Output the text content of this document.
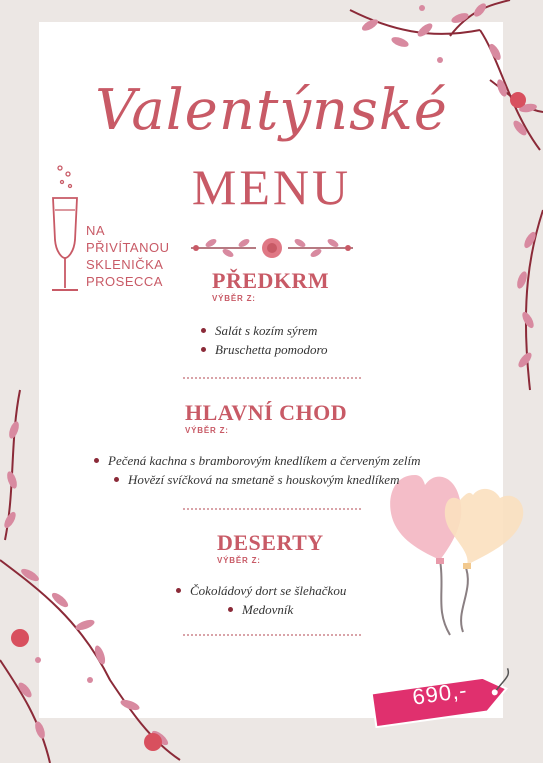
Valentýnské
MENU
NA
PŘIVÍTANOU
SKLENIČKA
PROSECCA	PŘEDKRM
VÝBĚR Z:
Salát s kozím sýrem
Bruschetta pomodoro
HLAVNÍ CHOD
VÝBĚR Z:
Pečená kachna s bramborovým knedlíkem a červeným zelím
Hovězí svíčková na smetaně s houskovým knedlíkem
DESERTY
VÝBĚR Z:
Čokoládový dort se šlehačkou
Medovník
690,-
